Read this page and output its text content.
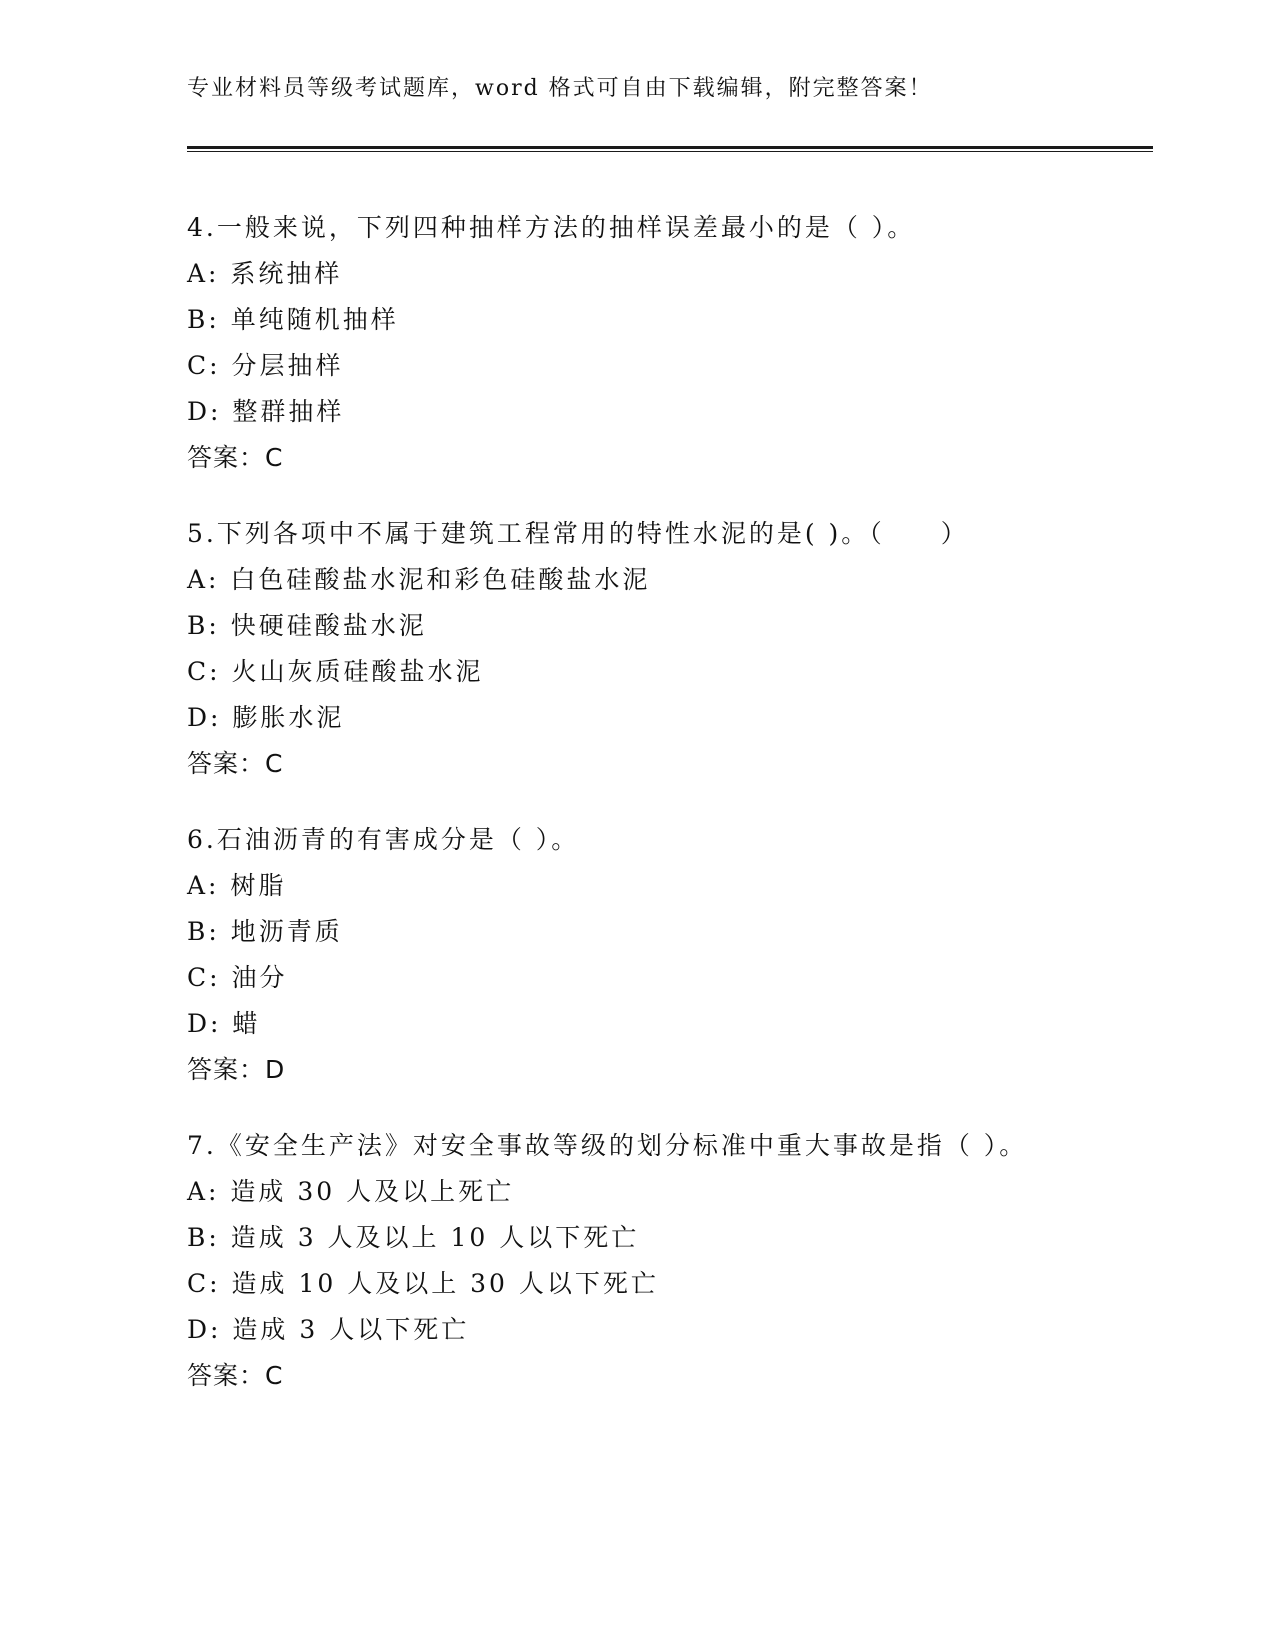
专业材料员等级考试题库，word 格式可自由下载编辑，附完整答案！
4.一般来说，下列四种抽样方法的抽样误差最小的是（ ）。
A: 系统抽样
B: 单纯随机抽样
C: 分层抽样
D: 整群抽样
答案：C
5.下列各项中不属于建筑工程常用的特性水泥的是( )。（　　）
A: 白色硅酸盐水泥和彩色硅酸盐水泥
B: 快硬硅酸盐水泥
C: 火山灰质硅酸盐水泥
D: 膨胀水泥
答案：C
6.石油沥青的有害成分是（ ）。
A: 树脂
B: 地沥青质
C: 油分
D: 蜡
答案：D
7.《安全生产法》对安全事故等级的划分标准中重大事故是指（ ）。
A: 造成 30 人及以上死亡
B: 造成 3 人及以上 10 人以下死亡
C: 造成 10 人及以上 30 人以下死亡
D: 造成 3 人以下死亡
答案：C
